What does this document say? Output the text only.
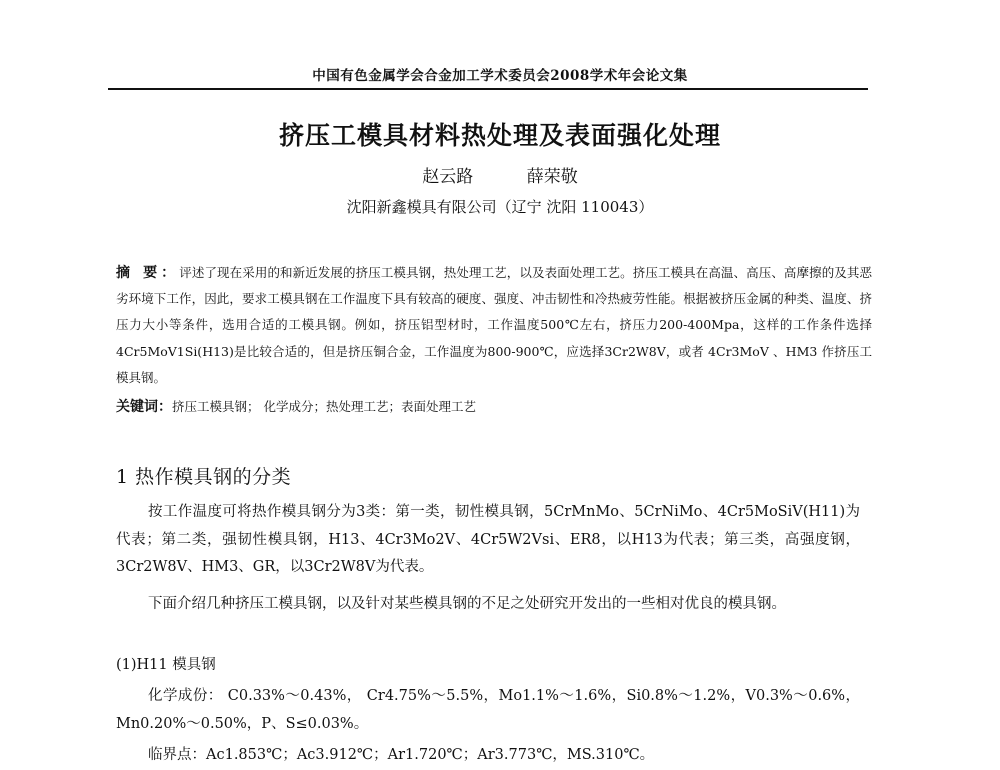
中国有色金属学会合金加工学术委员会2008学术年会论文集
挤压工模具材料热处理及表面强化处理
赵云路	薛荣敬
沈阳新鑫模具有限公司（辽宁 沈阳 110043）
摘 要：评述了现在采用的和新近发展的挤压工模具钢，热处理工艺，以及表面处理工艺。挤压工模具在高温、高压、高摩擦的及其恶劣环境下工作，因此，要求工模具钢在工作温度下具有较高的硬度、强度、冲击韧性和冷热疲劳性能。根据被挤压金属的种类、温度、挤压力大小等条件，选用合适的工模具钢。例如，挤压铝型材时，工作温度500℃左右，挤压力200-400Mpa，这样的工作条件选择4Cr5MoV1Si(H13)是比较合适的，但是挤压铜合金，工作温度为800-900℃，应选择3Cr2W8V，或者 4Cr3MoV 、HM3 作挤压工模具钢。
关键词：挤压工模具钢； 化学成分；热处理工艺；表面处理工艺
1 热作模具钢的分类

按工作温度可将热作模具钢分为3类：第一类，韧性模具钢，5CrMnMo、5CrNiMo、4Cr5MoSiV(H11)为代表；第二类，强韧性模具钢，H13、4Cr3Mo2V、4Cr5W2Vsi、ER8，以H13为代表；第三类，高强度钢，3Cr2W8V、HM3、GR，以3Cr2W8V为代表。

下面介绍几种挤压工模具钢，以及针对某些模具钢的不足之处研究开发出的一些相对优良的模具钢。

(1)H11 模具钢

化学成份： C0.33%～0.43%， Cr4.75%～5.5%，Mo1.1%～1.6%，Si0.8%～1.2%，V0.3%～0.6%，Mn0.20%～0.50%，P、S≤0.03%。

临界点：Ac1.853℃；Ac3.912℃；Ar1.720℃；Ar3.773℃，MS.310℃。
